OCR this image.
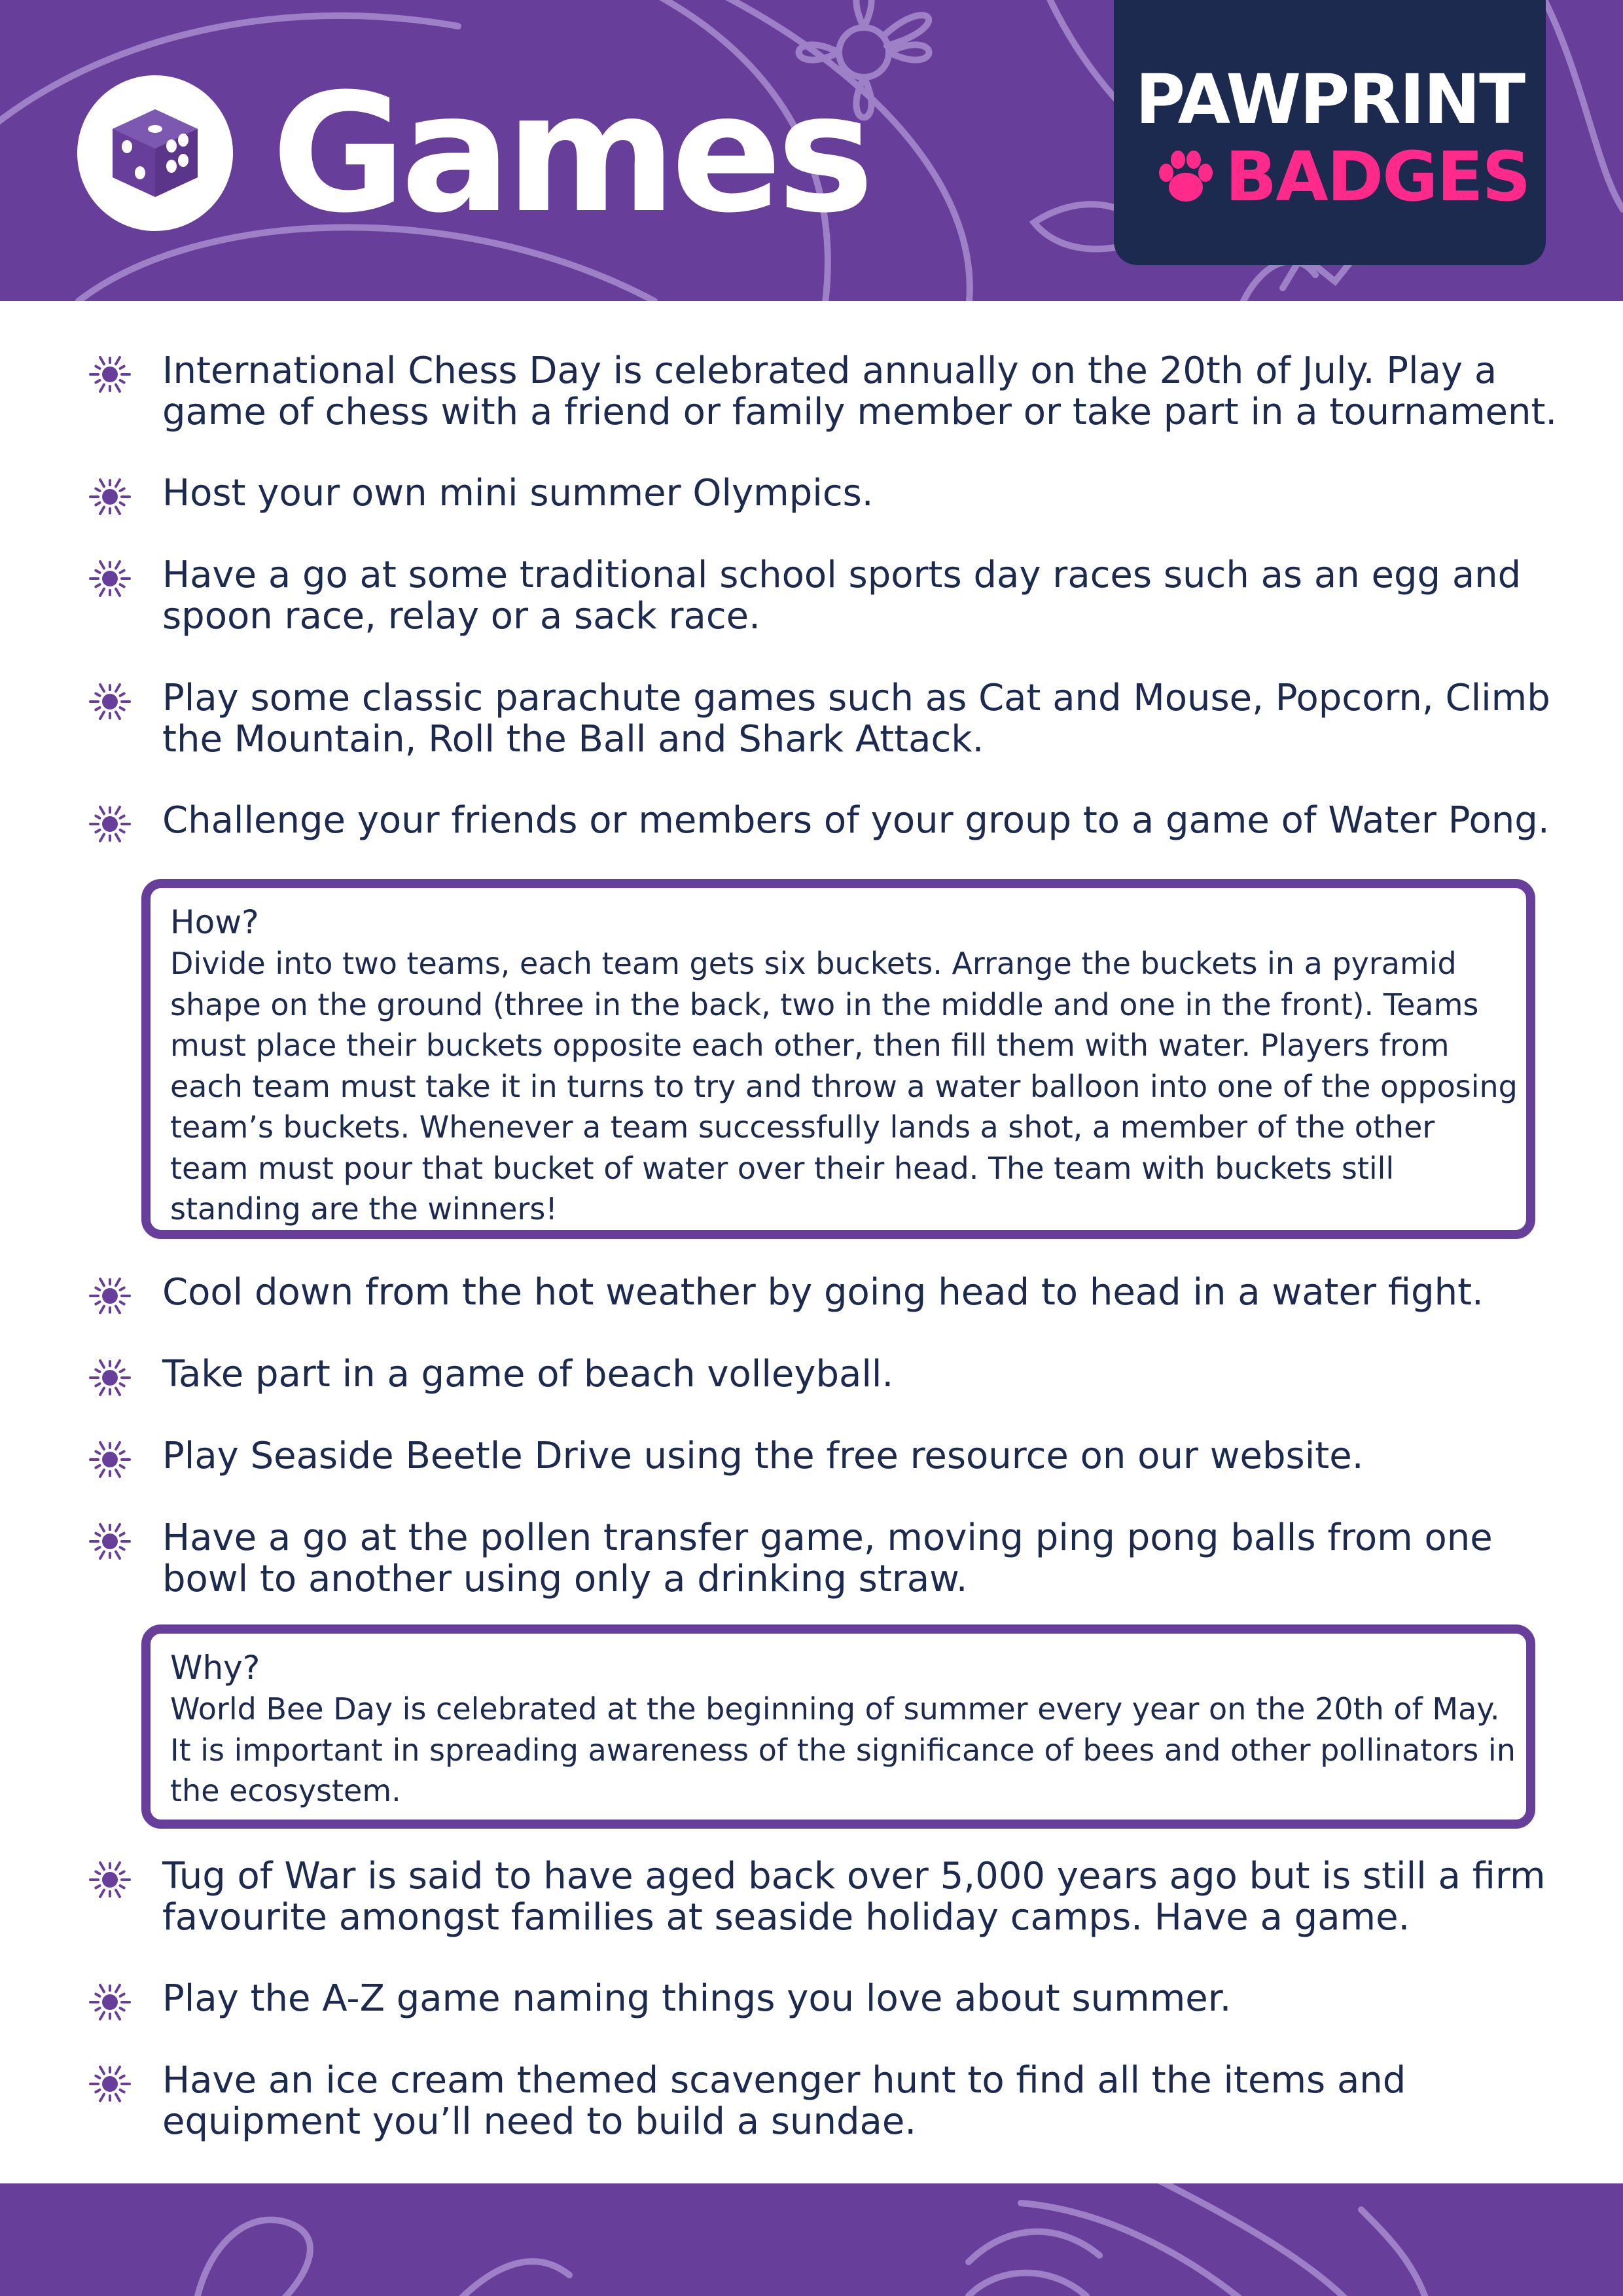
Games	PAWPRINT
BADGES
International Chess Day is celebrated annually on the 20th of July. Play a game of chess with a friend or family member or take part in a tournament.
Host your own mini summer Olympics.
Have a go at some traditional school sports day races such as an egg and spoon race, relay or a sack race.
Play some classic parachute games such as Cat and Mouse, Popcorn, Climb the Mountain, Roll the Ball and Shark Attack.
Challenge your friends or members of your group to a game of Water Pong.
How?
Divide into two teams, each team gets six buckets. Arrange the buckets in a pyramid shape on the ground (three in the back, two in the middle and one in the front). Teams must place their buckets opposite each other, then fill them with water. Players from each team must take it in turns to try and throw a water balloon into one of the opposing team’s buckets. Whenever a team successfully lands a shot, a member of the other team must pour that bucket of water over their head. The team with buckets still standing are the winners!
Cool down from the hot weather by going head to head in a water fight.
Take part in a game of beach volleyball.
Play Seaside Beetle Drive using the free resource on our website.
Have a go at the pollen transfer game, moving ping pong balls from one bowl to another using only a drinking straw.
Why?
World Bee Day is celebrated at the beginning of summer every year on the 20th of May. It is important in spreading awareness of the significance of bees and other pollinators in the ecosystem.
Tug of War is said to have aged back over 5,000 years ago but is still a firm favourite amongst families at seaside holiday camps. Have a game.
Play the A-Z game naming things you love about summer.
Have an ice cream themed scavenger hunt to find all the items and equipment you’ll need to build a sundae.
